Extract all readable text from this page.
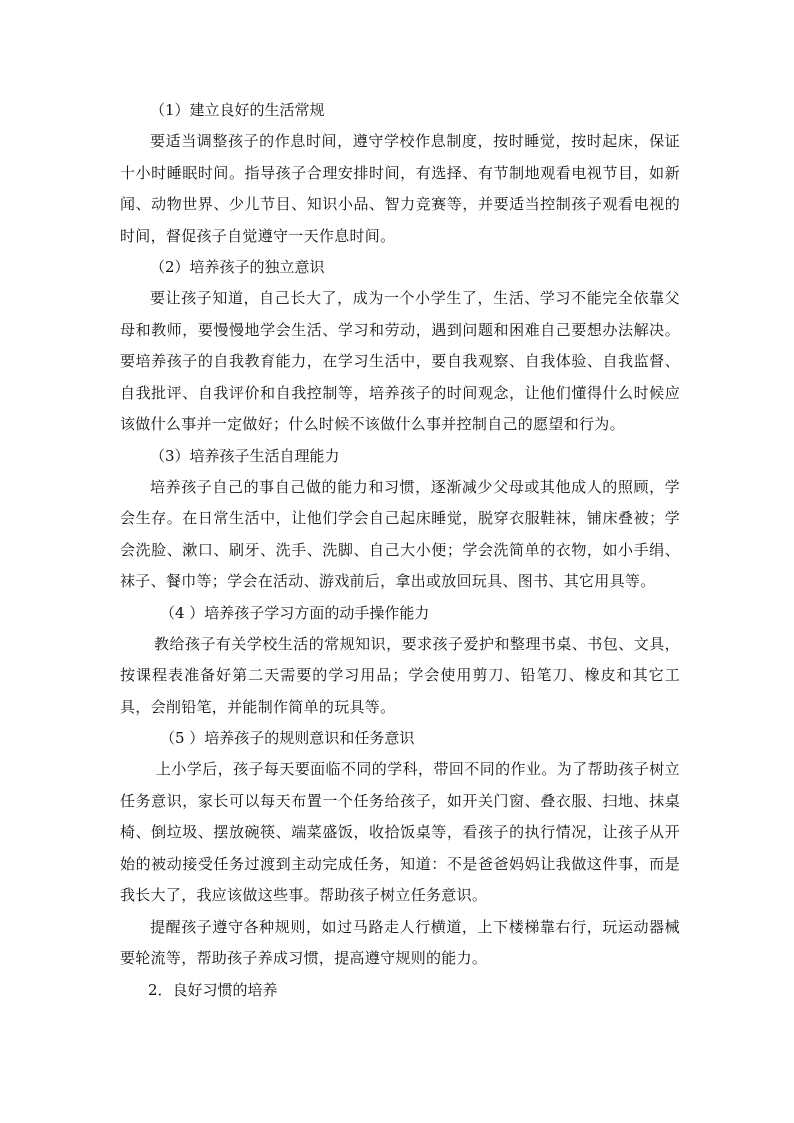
（1）建立良好的生活常规

要适当调整孩子的作息时间，遵守学校作息制度，按时睡觉，按时起床，保证十小时睡眠时间。指导孩子合理安排时间，有选择、有节制地观看电视节目，如新闻、动物世界、少儿节目、知识小品、智力竞赛等，并要适当控制孩子观看电视的时间，督促孩子自觉遵守一天作息时间。

（2）培养孩子的独立意识

要让孩子知道，自己长大了，成为一个小学生了，生活、学习不能完全依靠父母和教师，要慢慢地学会生活、学习和劳动，遇到问题和困难自己要想办法解决。要培养孩子的自我教育能力，在学习生活中，要自我观察、自我体验、自我监督、自我批评、自我评价和自我控制等，培养孩子的时间观念，让他们懂得什么时候应该做什么事并一定做好；什么时候不该做什么事并控制自己的愿望和行为。

（3）培养孩子生活自理能力

培养孩子自己的事自己做的能力和习惯，逐渐减少父母或其他成人的照顾，学会生存。在日常生活中，让他们学会自己起床睡觉，脱穿衣服鞋袜，铺床叠被；学会洗脸、漱口、刷牙、洗手、洗脚、自己大小便；学会洗简单的衣物，如小手绢、袜子、餐巾等；学会在活动、游戏前后，拿出或放回玩具、图书、其它用具等。

（4 ）培养孩子学习方面的动手操作能力

教给孩子有关学校生活的常规知识，要求孩子爱护和整理书桌、书包、文具，按课程表准备好第二天需要的学习用品；学会使用剪刀、铅笔刀、橡皮和其它工具，会削铅笔，并能制作简单的玩具等。

（5 ）培养孩子的规则意识和任务意识

上小学后，孩子每天要面临不同的学科，带回不同的作业。为了帮助孩子树立任务意识，家长可以每天布置一个任务给孩子，如开关门窗、叠衣服、扫地、抹桌椅、倒垃圾、摆放碗筷、端菜盛饭，收拾饭桌等，看孩子的执行情况，让孩子从开始的被动接受任务过渡到主动完成任务，知道：不是爸爸妈妈让我做这件事，而是我长大了，我应该做这些事。帮助孩子树立任务意识。

提醒孩子遵守各种规则，如过马路走人行横道，上下楼梯靠右行，玩运动器械要轮流等，帮助孩子养成习惯，提高遵守规则的能力。

2．良好习惯的培养
